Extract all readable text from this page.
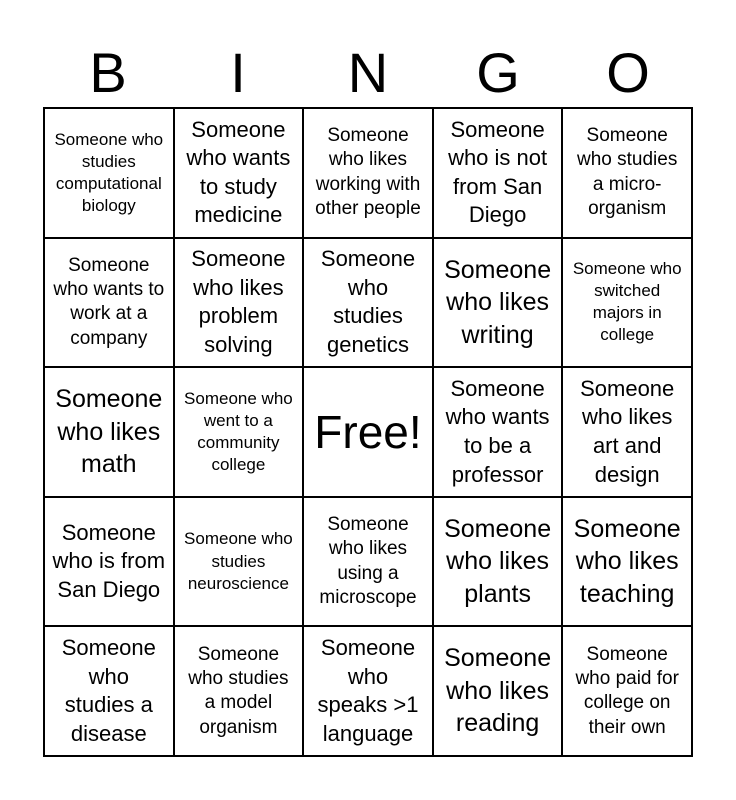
B	I	N	G	O
Someone who studies computational biology
Someone who wants to study medicine
Someone who likes working with other people
Someone who is not from San Diego
Someone who studies a micro-organism
Someone who wants to work at a company
Someone who likes problem solving
Someone who studies genetics
Someone who likes writing
Someone who switched majors in college
Someone who likes math
Someone who went to a community college
Free!
Someone who wants to be a professor
Someone who likes art and design
Someone who is from San Diego
Someone who studies neuroscience
Someone who likes using a microscope
Someone who likes plants
Someone who likes teaching
Someone who studies a disease
Someone who studies a model organism
Someone who speaks >1 language
Someone who likes reading
Someone who paid for college on their own
